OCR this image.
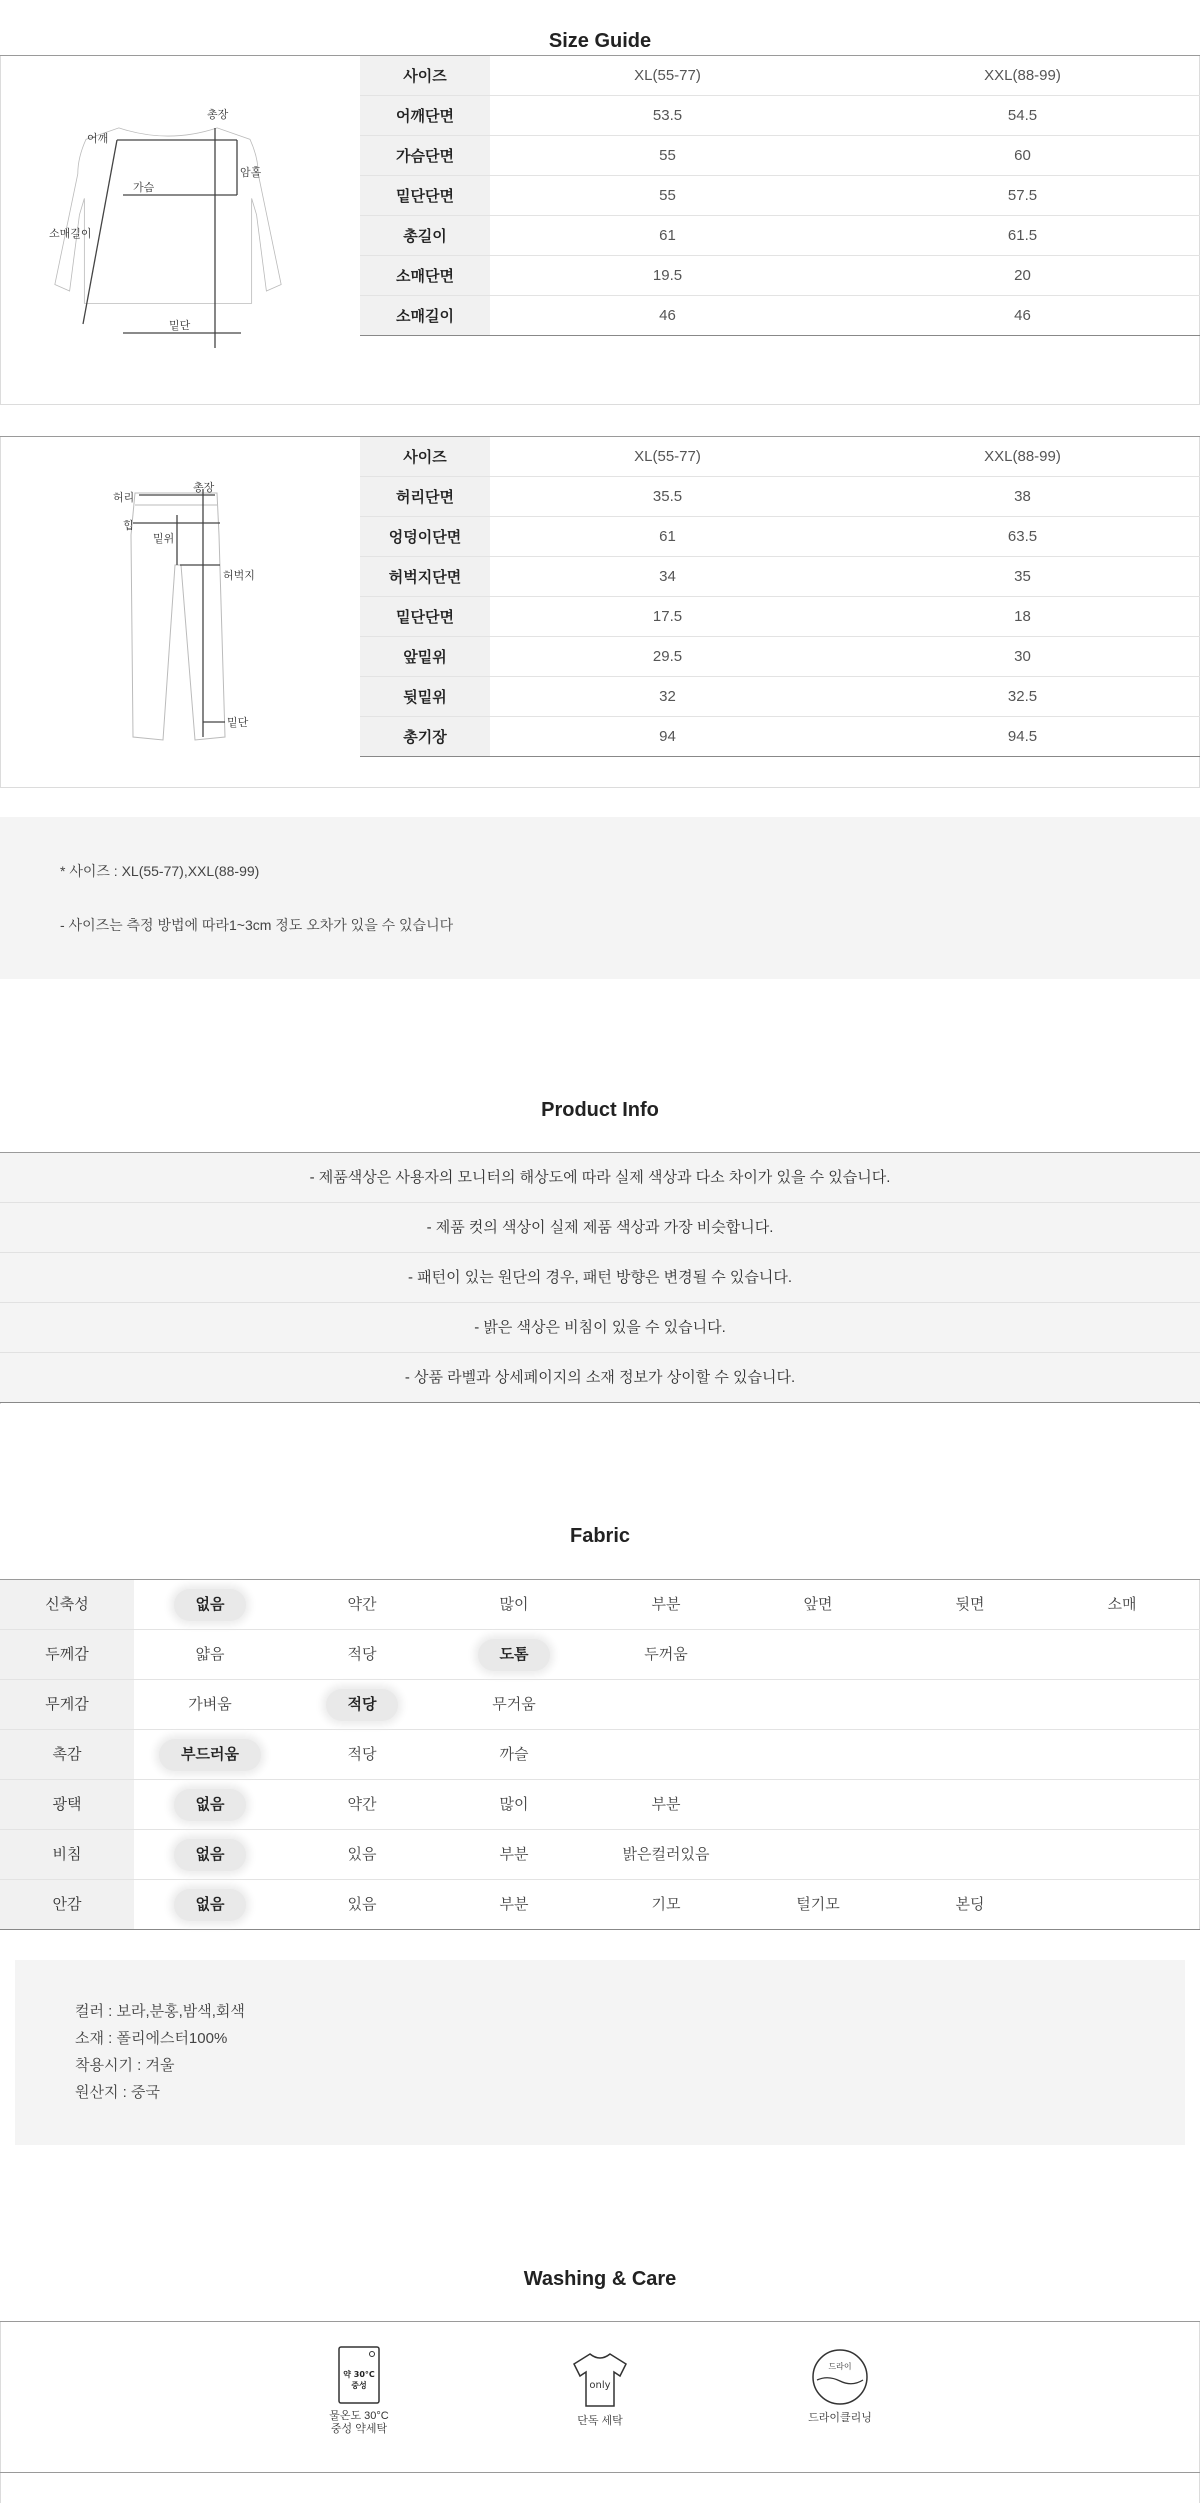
Size Guide
어깨
총장
가슴
암홀
소매길이
밑단
사이즈	XL(55-77)	XXL(88-99)
어깨단면	53.5	54.5
가슴단면	55	60
밑단단면	55	57.5
총길이	61	61.5
소매단면	19.5	20
소매길이	46	46
허리
총장
힙
밑위
허벅지
밑단
사이즈	XL(55-77)	XXL(88-99)
허리단면	35.5	38
엉덩이단면	61	63.5
허벅지단면	34	35
밑단단면	17.5	18
앞밑위	29.5	30
뒷밑위	32	32.5
총기장	94	94.5
* 사이즈 : XL(55-77),XXL(88-99)
- 사이즈는 측정 방법에 따라1~3cm 정도 오차가 있을 수 있습니다
Product Info
- 제품색상은 사용자의 모니터의 해상도에 따라 실제 색상과 다소 차이가 있을 수 있습니다.
- 제품 컷의 색상이 실제 제품 색상과 가장 비슷합니다.
- 패턴이 있는 원단의 경우, 패턴 방향은 변경될 수 있습니다.
- 밝은 색상은 비침이 있을 수 있습니다.
- 상품 라벨과 상세페이지의 소재 정보가 상이할 수 있습니다.
Fabric
신축성	없음	약간	많이	부분	앞면	뒷면	소매
두께감	얇음	적당	도톰	두꺼움
무게감	가벼움	적당	무거움
촉감	부드러움	적당	까슬
광택	없음	약간	많이	부분
비침	없음	있음	부분	밝은컬러있음
안감	없음	있음	부분	기모	털기모	본딩
컬러 : 보라,분홍,밤색,회색
소재 : 폴리에스터100%
착용시기 : 겨울
원산지 : 중국
Washing & Care
약 30°C
중성
물온도 30°C
중성 약세탁
only
단독 세탁
드라이
드라이클리닝
